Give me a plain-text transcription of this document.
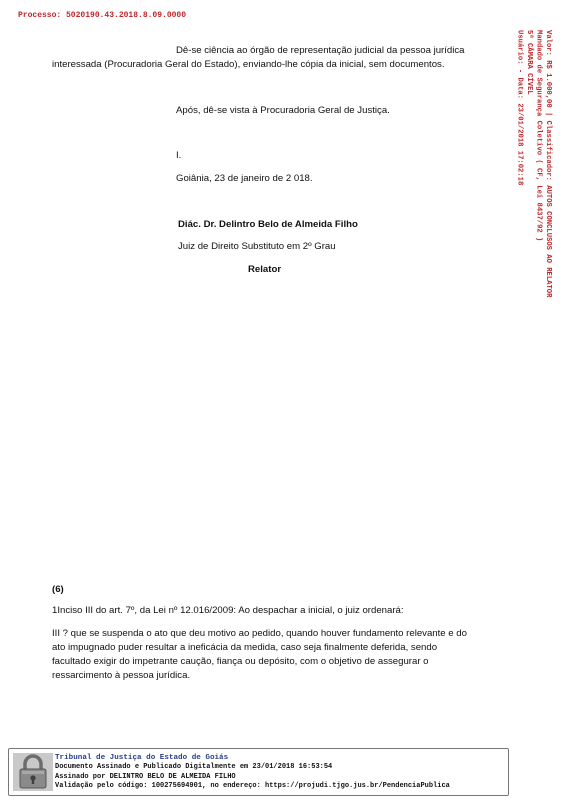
Processo: 5020190.43.2018.8.09.0000
Valor: R$ 1.000,00 | Classificador: AUTOS CONCLUSOS AO RELATOR
Mandado de Segurança Coletivo ( CF, Lei 8437/92 )
5ª CÂMARA CÍVEL
Usuário: - Data: 23/01/2018 17:02:18
Dê-se ciência ao órgão de representação judicial da pessoa jurídica
interessada (Procuradoria Geral do Estado), enviando-lhe cópia da inicial, sem documentos.
Após, dê-se vista à Procuradoria Geral de Justiça.
I.
Goiânia, 23 de janeiro de 2 018.
Diác. Dr. Delintro Belo de Almeida Filho
Juiz de Direito Substituto em 2º Grau
Relator
(6)
1Inciso III do art. 7º, da Lei nº 12.016/2009: Ao despachar a inicial, o juiz ordenará:
III ? que se suspenda o ato que deu motivo ao pedido, quando houver fundamento relevante e do
ato impugnado puder resultar a ineficácia da medida, caso seja finalmente deferida, sendo
facultado exigir do impetrante caução, fiança ou depósito, com o objetivo de assegurar o
ressarcimento à pessoa jurídica.
Tribunal de Justiça do Estado de Goiás
Documento Assinado e Publicado Digitalmente em 23/01/2018 16:53:54
Assinado por DELINTRO BELO DE ALMEIDA FILHO
Validação pelo código: 100275694901, no endereço: https://projudi.tjgo.jus.br/PendenciaPublica
